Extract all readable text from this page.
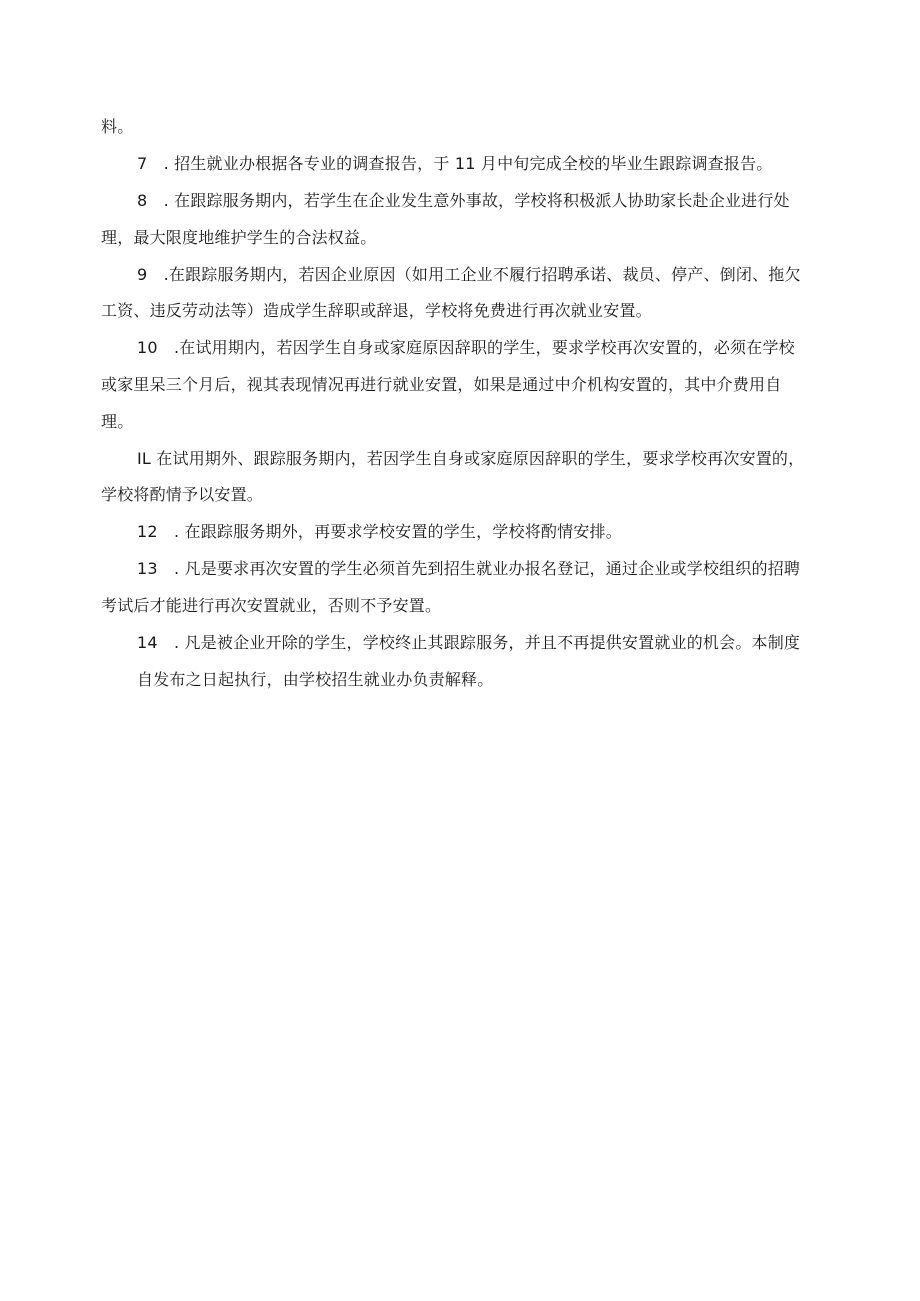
料。
7　. 招生就业办根据各专业的调查报告，于 11 月中旬完成全校的毕业生跟踪调查报告。
8　. 在跟踪服务期内，若学生在企业发生意外事故，学校将积极派人协助家长赴企业进行处
理，最大限度地维护学生的合法权益。
9　.在跟踪服务期内，若因企业原因（如用工企业不履行招聘承诺、裁员、停产、倒闭、拖欠
工资、违反劳动法等）造成学生辞职或辞退，学校将免费进行再次就业安置。
10　.在试用期内，若因学生自身或家庭原因辞职的学生，要求学校再次安置的，必须在学校
或家里呆三个月后，视其表现情况再进行就业安置，如果是通过中介机构安置的，其中介费用自
理。
IL 在试用期外、跟踪服务期内，若因学生自身或家庭原因辞职的学生，要求学校再次安置的，
学校将酌情予以安置。
12　. 在跟踪服务期外，再要求学校安置的学生，学校将酌情安排。
13　. 凡是要求再次安置的学生必须首先到招生就业办报名登记，通过企业或学校组织的招聘
考试后才能进行再次安置就业，否则不予安置。
14　. 凡是被企业开除的学生，学校终止其跟踪服务，并且不再提供安置就业的机会。本制度
自发布之日起执行，由学校招生就业办负责解释。
